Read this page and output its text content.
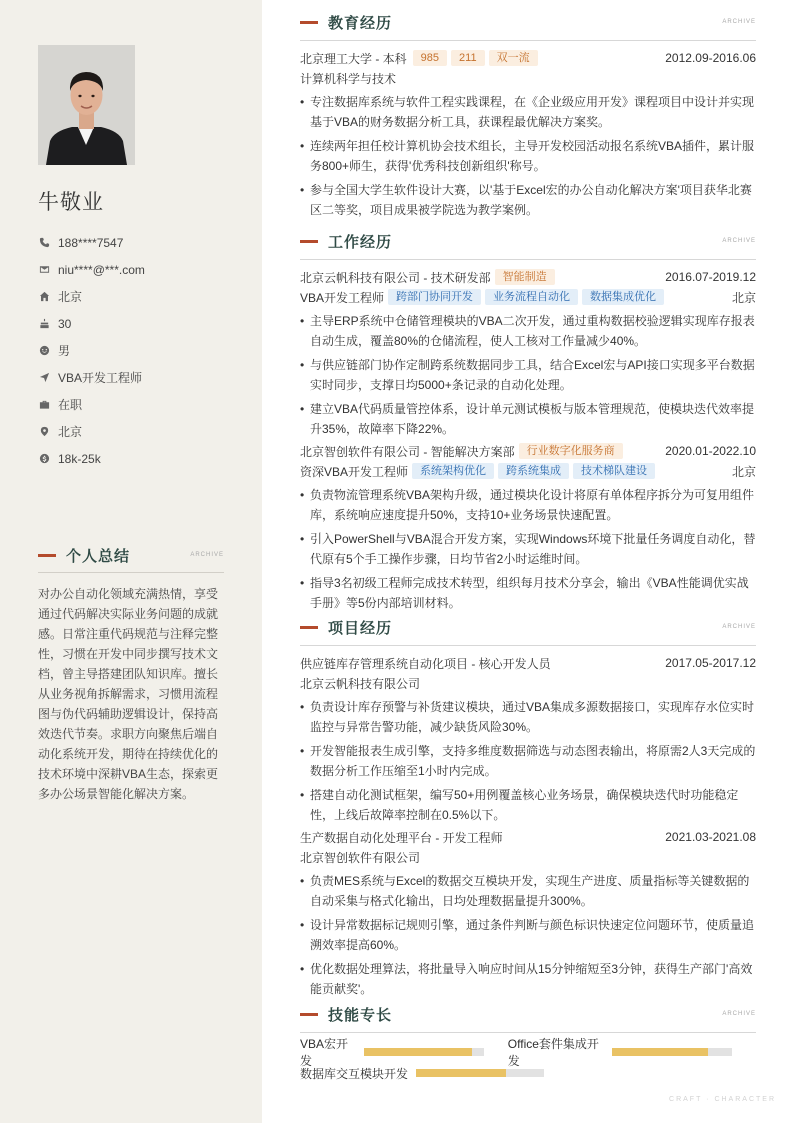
牛敬业
188****7547
niu****@***.com
北京
30
男
VBA开发工程师
在职
北京
18k-25k
个人总结	ARCHIVE

对办公自动化领域充满热情，享受通过代码解决实际业务问题的成就感。日常注重代码规范与注释完整性，习惯在开发中同步撰写技术文档，曾主导搭建团队知识库。擅长从业务视角拆解需求，习惯用流程图与伪代码辅助逻辑设计，保持高效迭代节奏。求职方向聚焦后端自动化系统开发，期待在持续优化的技术环境中深耕VBA生态，探索更多办公场景智能化解决方案。

教育经历	ARCHIVE
北京理工大学 - 本科	985	211	双一流	2012.09-2016.06
计算机科学与技术
• 专注数据库系统与软件工程实践课程，在《企业级应用开发》课程项目中设计并实现基于VBA的财务数据分析工具，获课程最优解决方案奖。
• 连续两年担任校计算机协会技术组长，主导开发校园活动报名系统VBA插件，累计服务800+师生，获得'优秀科技创新组织'称号。
• 参与全国大学生软件设计大赛，以'基于Excel宏的办公自动化解决方案'项目获华北赛区二等奖，项目成果被学院选为教学案例。
工作经历	ARCHIVE
北京云帆科技有限公司 - 技术研发部	智能制造	2016.07-2019.12
VBA开发工程师	跨部门协同开发	业务流程自动化	数据集成优化	北京
• 主导ERP系统中仓储管理模块的VBA二次开发，通过重构数据校验逻辑实现库存报表自动生成，覆盖80%的仓储流程，使人工核对工作量减少40%。
• 与供应链部门协作定制跨系统数据同步工具，结合Excel宏与API接口实现多平台数据实时同步，支撑日均5000+条记录的自动化处理。
• 建立VBA代码质量管控体系，设计单元测试模板与版本管理规范，使模块迭代效率提升35%，故障率下降22%。
北京智创软件有限公司 - 智能解决方案部	行业数字化服务商	2020.01-2022.10
资深VBA开发工程师	系统架构优化	跨系统集成	技术梯队建设	北京
• 负责物流管理系统VBA架构升级，通过模块化设计将原有单体程序拆分为可复用组件库，系统响应速度提升50%，支持10+业务场景快速配置。
• 引入PowerShell与VBA混合开发方案，实现Windows环境下批量任务调度自动化，替代原有5个手工操作步骤，日均节省2小时运维时间。
• 指导3名初级工程师完成技术转型，组织每月技术分享会，输出《VBA性能调优实战手册》等5份内部培训材料。
项目经历	ARCHIVE
供应链库存管理系统自动化项目 - 核心开发人员	2017.05-2017.12
北京云帆科技有限公司
• 负责设计库存预警与补货建议模块，通过VBA集成多源数据接口，实现库存水位实时监控与异常告警功能，减少缺货风险30%。
• 开发智能报表生成引擎，支持多维度数据筛选与动态图表输出，将原需2人3天完成的数据分析工作压缩至1小时内完成。
• 搭建自动化测试框架，编写50+用例覆盖核心业务场景，确保模块迭代时功能稳定性，上线后故障率控制在0.5%以下。
生产数据自动化处理平台 - 开发工程师	2021.03-2021.08
北京智创软件有限公司
• 负责MES系统与Excel的数据交互模块开发，实现生产进度、质量指标等关键数据的自动采集与格式化输出，日均处理数据量提升300%。
• 设计异常数据标记规则引擎，通过条件判断与颜色标识快速定位问题环节，使质量追溯效率提高60%。
• 优化数据处理算法，将批量导入响应时间从15分钟缩短至3分钟，获得生产部门'高效能贡献奖'。
技能专长	ARCHIVE
VBA宏开发
Office套件集成开发
数据库交互模块开发
CRAFT · CHARACTER
